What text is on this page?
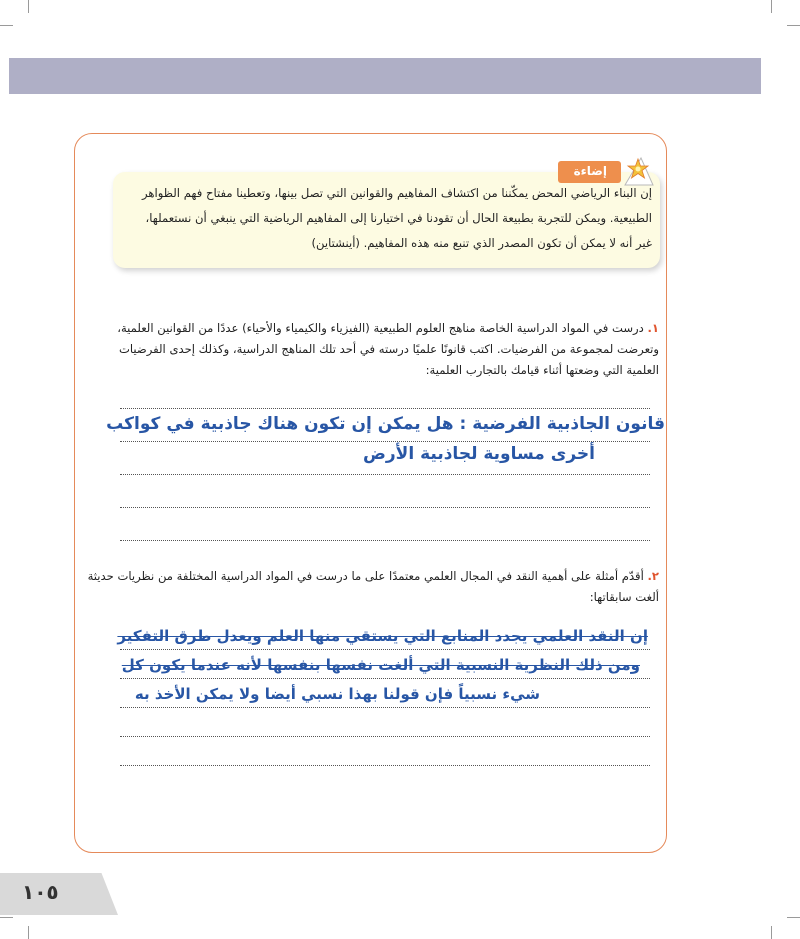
إضاءة
إن البناء الرياضي المحض يمكّننا من اكتشاف المفاهيم والقوانين التي تصل بينها، وتعطينا مفتاح فهم الظواهر
الطبيعية. ويمكن للتجربة بطبيعة الحال أن تقودنا في اختيارنا إلى المفاهيم الرياضية التي ينبغي أن نستعملها،
غير أنه لا يمكن أن تكون المصدر الذي تنبع منه هذه المفاهيم. (أينشتاين)
١. درست في المواد الدراسية الخاصة مناهج العلوم الطبيعية (الفيزياء والكيمياء والأحياء) عددًا من القوانين العلمية، وتعرضت لمجموعة من الفرضيات. اكتب قانونًا علميًا درسته في أحد تلك المناهج الدراسية، وكذلك إحدى الفرضيات العلمية التي وضعتها أثناء قيامك بالتجارب العلمية:
قانون الجاذبية الفرضية : هل يمكن إن تكون هناك جاذبية في كواكب
أخرى مساوية لجاذبية الأرض
٢. أقدّم أمثلة على أهمية النقد في المجال العلمي معتمدًا على ما درست في المواد الدراسية المختلفة من نظريات حديثة ألغت سابقاتها:
إن النقد العلمي يجدد المنابع التي يستقي منها العلم ويعدل طرق التفكير
ومن ذلك النظرية النسبية التي ألغت نفسها بنفسها لأنه عندما يكون كل
شيء نسبياً فإن قولنا بهذا نسبي أيضا ولا يمكن الأخذ به
١٠٥
